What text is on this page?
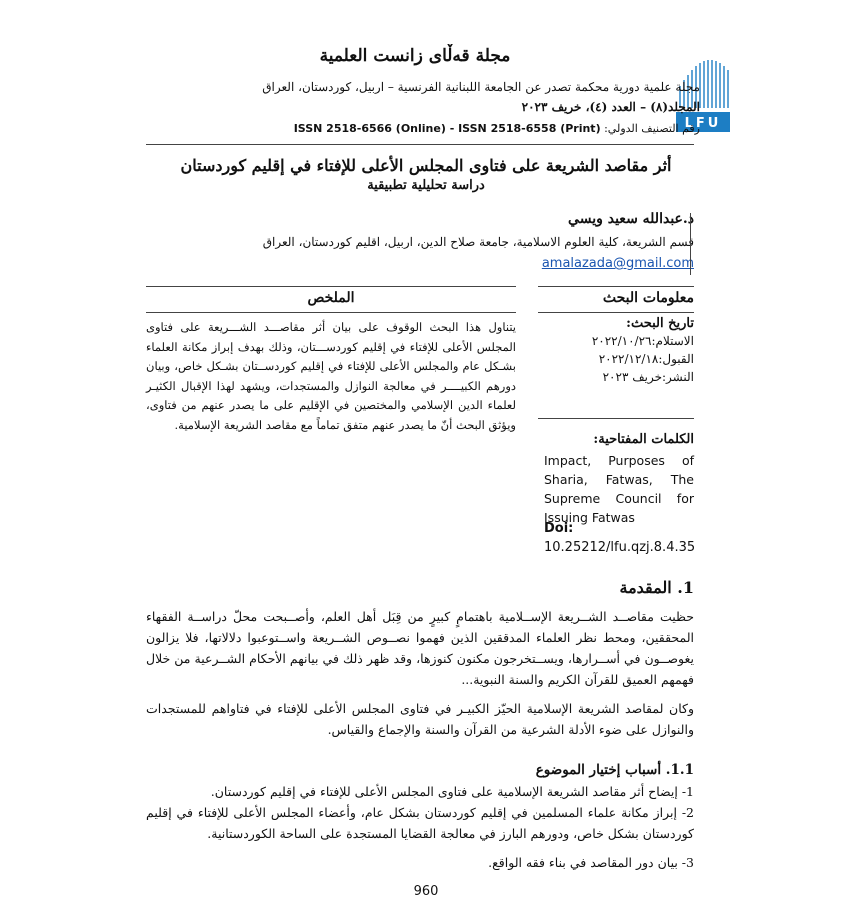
LFU
مجلة قەڵای زانست العلمية
مجلة علمية دورية محكمة تصدر عن الجامعة اللبنانية الفرنسية – اربيل، كوردستان، العراق
المجلد(٨) – العدد (٤)، خريف ٢٠٢٣
رقم التصنيف الدولي: ISSN 2518-6566 (Online) - ISSN 2518-6558 (Print)
أثر مقاصد الشريعة على فتاوى المجلس الأعلى للإفتاء في إقليم كوردستان
دراسة تحليلية تطبيقية
د.عبدالله سعيد ويسي
قسم الشريعة، كلية العلوم الاسلامية، جامعة صلاح الدين، اربيل، اقليم كوردستان، العراق
amalazada@gmail.com
الملخص
يتناول هذا البحث الوقوف على بيان أثر مقاصـــد الشـــريعة على فتاوى المجلس الأعلى للإفتاء في إقليم كوردســـتان، وذلك بهدف إبراز مكانة العلماء بشـكل عام والمجلس الأعلى للإفتاء في إقليم كوردســتان بشـكل خاص، وبيان دورهم الكبيــــر في معالجة النوازل والمستجدات، ويشهد لهذا الإقبال الكثيـر لعلماء الدين الإسلامي والمختصين في الإقليم على ما يصدر عنهم من فتاوى، ويؤثق البحث أنّ ما يصدر عنهم متفق تماماً مع مقاصد الشريعة الإسلامية.
معلومات البحث
تاريخ البحث:
الاستلام:٢٠٢٢/١٠/٢٦
القبول:٢٠٢٢/١٢/١٨
النشر:خريف ٢٠٢٣
الكلمات المفتاحية:
Impact, Purposes of Sharia, Fatwas, The Supreme Council for Issuing Fatwas
Doi:
10.25212/lfu.qzj.8.4.35
1. المقدمة
حظيت مقاصــد الشــريعة الإســلامية باهتمامٍ كبيرٍ من قِبَل أهل العلم، وأصــبحت محلّ دراســة الفقهاء المحققين، ومحط نظر العلماء المدققين الذين فهموا نصــوص الشــريعة واســتوعبوا دلالاتها، فلا يزالون يغوصــون في أســرارها، ويســتخرجون مكنون كنوزها، وقد ظهر ذلك في بيانهم الأحكام الشــرعية من خلال فهمهم العميق للقرآن الكريم والسنة النبوية...
وكان لمقاصد الشريعة الإسلامية الحيّز الكبيـر في فتاوى المجلس الأعلى للإفتاء في فتاواهم للمستجدات والنوازل على ضوء الأدلة الشرعية من القرآن والسنة والإجماع والقياس.
1.1. أسباب إختيار الموضوع
1- إيضاح أثر مقاصد الشريعة الإسلامية على فتاوى المجلس الأعلى للإفتاء في إقليم كوردستان.
2- إبراز مكانة علماء المسلمين في إقليم كوردستان بشكل عام، وأعضاء المجلس الأعلى للإفتاء في إقليم كوردستان بشكل خاص، ودورهم البارز في معالجة القضايا المستجدة على الساحة الكوردستانية.
3- بيان دور المقاصد في بناء فقه الواقع.
960
